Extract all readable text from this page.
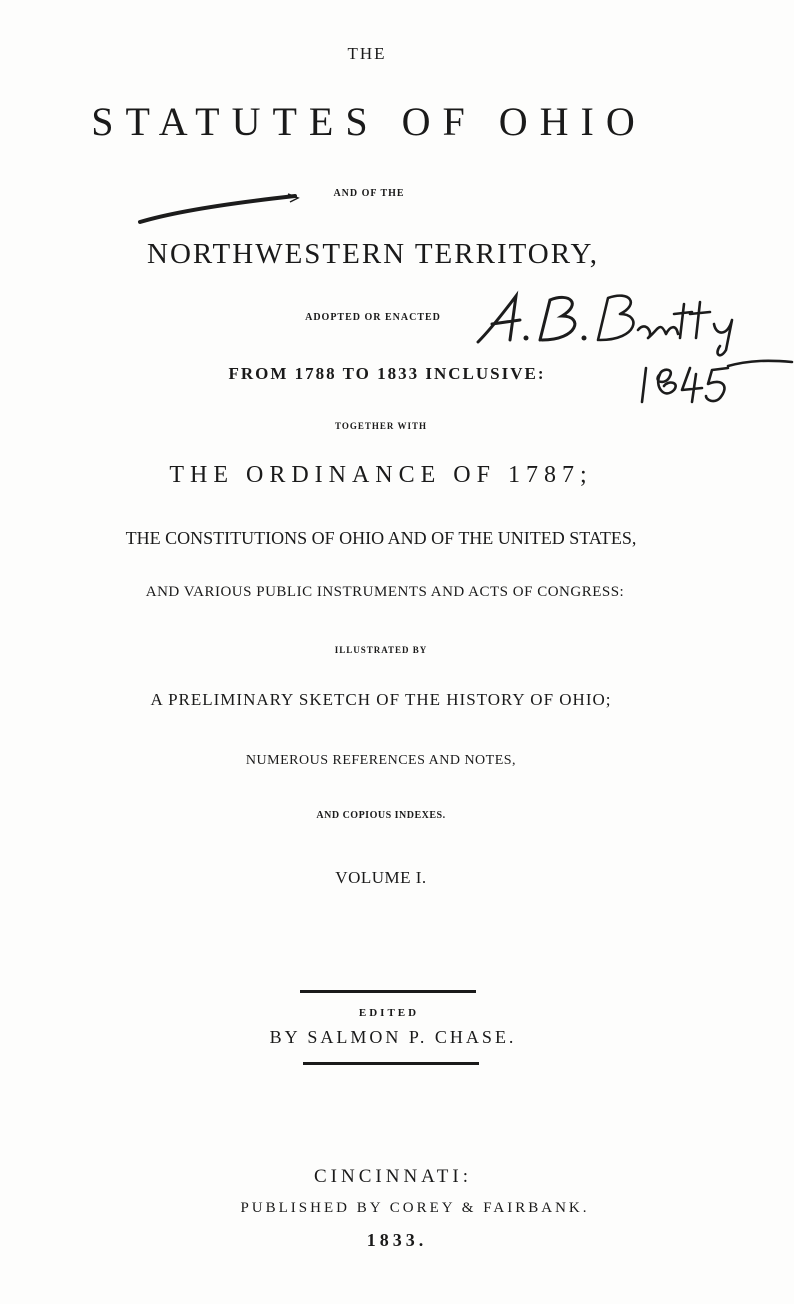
THE
STATUTES OF OHIO
AND OF THE
NORTHWESTERN TERRITORY,
ADOPTED OR ENACTED
FROM 1788 TO 1833 INCLUSIVE:
TOGETHER WITH
THE ORDINANCE OF 1787;
THE CONSTITUTIONS OF OHIO AND OF THE UNITED STATES,
AND VARIOUS PUBLIC INSTRUMENTS AND ACTS OF CONGRESS:
ILLUSTRATED BY
A PRELIMINARY SKETCH OF THE HISTORY OF OHIO;
NUMEROUS REFERENCES AND NOTES,
AND COPIOUS INDEXES.
VOLUME I.
EDITED
BY SALMON P. CHASE.
CINCINNATI:
PUBLISHED BY COREY & FAIRBANK.
1833.
